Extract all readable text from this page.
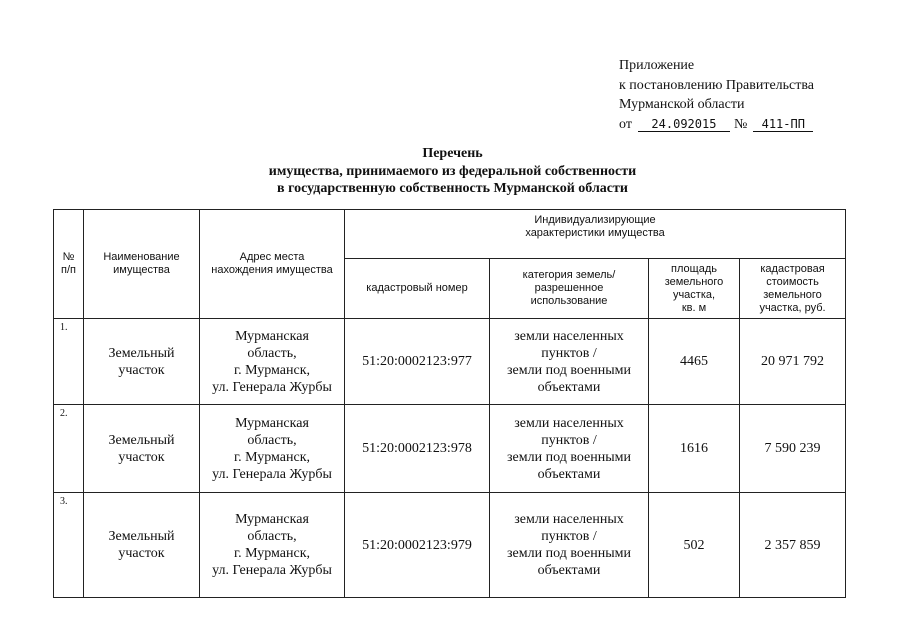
Приложение
к постановлению Правительства
Мурманской области
от 24.092015 № 411-ПП
Перечень
имущества, принимаемого из федеральной собственности
в государственную собственность Мурманской области
№
п/п	Наименование
имущества	Адрес места
нахождения имущества	Индивидуализирующие
характеристики имущества			
			кадастровый номер	категория земель/
разрешенное
использование	площадь
земельного
участка,
кв. м	кадастровая
стоимость
земельного
участка, руб.
1.	Земельный
участок	Мурманская
область,
г. Мурманск,
ул. Генерала Журбы	51:20:0002123:977	земли населенных
пунктов /
земли под военными
объектами	4465	20 971 792
2.	Земельный
участок	Мурманская
область,
г. Мурманск,
ул. Генерала Журбы	51:20:0002123:978	земли населенных
пунктов /
земли под военными
объектами	1616	7 590 239
3.	Земельный
участок	Мурманская
область,
г. Мурманск,
ул. Генерала Журбы	51:20:0002123:979	земли населенных
пунктов /
земли под военными
объектами	502	2 357 859
